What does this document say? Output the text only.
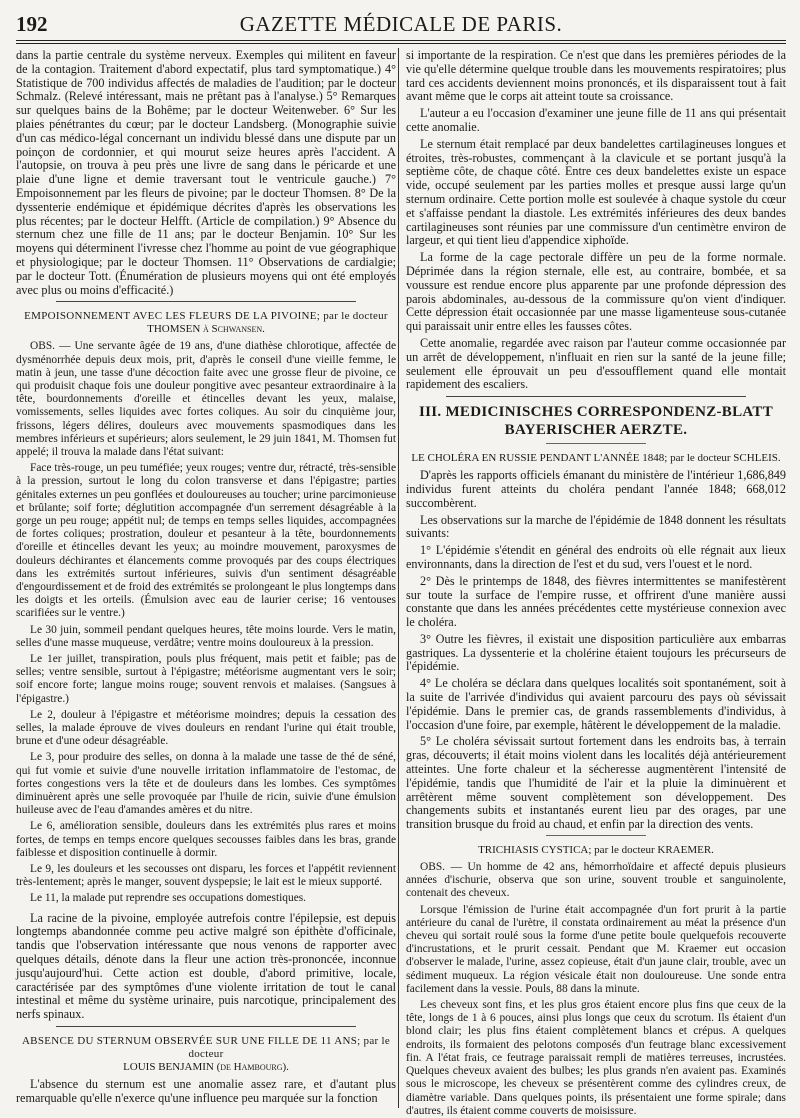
192	GAZETTE MÉDICALE DE PARIS.

dans la partie centrale du système nerveux. Exemples qui militent en faveur de la contagion. Traitement d'abord expectatif, plus tard symptomatique.) 4° Statistique de 700 individus affectés de maladies de l'audition; par le docteur Schmalz. (Relevé intéressant, mais ne prêtant pas à l'analyse.) 5° Remarques sur quelques bains de la Bohême; par le docteur Weitenweber. 6° Sur les plaies pénétrantes du cœur; par le docteur Landsberg. (Monographie suivie d'un cas médico-légal concernant un individu blessé dans une dispute par un poinçon de cordonnier, et qui mourut seize heures après l'accident. A l'autopsie, on trouva à peu près une livre de sang dans le péricarde et une plaie d'une ligne et demie traversant tout le ventricule gauche.) 7° Empoisonnement par les fleurs de pivoine; par le docteur Thomsen. 8° De la dyssenterie endémique et épidémique décrites d'après les observations les plus récentes; par le docteur Helfft. (Article de compilation.) 9° Absence du sternum chez une fille de 11 ans; par le docteur Benjamin. 10° Sur les moyens qui déterminent l'ivresse chez l'homme au point de vue géographique et physiologique; par le docteur Thomsen. 11° Observations de cardialgie; par le docteur Tott. (Énumération de plusieurs moyens qui ont été employés avec plus ou moins d'efficacité.)

EMPOISONNEMENT AVEC LES FLEURS DE LA PIVOINE; par le docteur
THOMSEN à Schwansen.

OBS. — Une servante âgée de 19 ans, d'une diathèse chlorotique, affectée de dysménorrhée depuis deux mois, prit, d'après le conseil d'une vieille femme, le matin à jeun, une tasse d'une décoction faite avec une grosse fleur de pivoine, ce qui produisit chaque fois une douleur pongitive avec pesanteur extraordinaire à la tête, bourdonnements d'oreille et étincelles devant les yeux, malaise, vomissements, selles liquides avec fortes coliques. Au soir du cinquième jour, frissons, légers délires, douleurs avec mouvements spasmodiques dans les membres inférieurs et supérieurs; alors seulement, le 29 juin 1841, M. Thomsen fut appelé; il trouva la malade dans l'état suivant:

Face très-rouge, un peu tuméfiée; yeux rouges; ventre dur, rétracté, très-sensible à la pression, surtout le long du colon transverse et dans l'épigastre; parties génitales externes un peu gonflées et douloureuses au toucher; urine parcimonieuse et brûlante; soif forte; déglutition accompagnée d'un serrement désagréable à la gorge un peu rouge; appétit nul; de temps en temps selles liquides, accompagnées de fortes coliques; prostration, douleur et pesanteur à la tête, bourdonnements d'oreille et étincelles devant les yeux; au moindre mouvement, paroxysmes de douleurs déchirantes et élancements comme provoqués par des coups électriques dans les extrémités surtout inférieures, suivis d'un sentiment désagréable d'engourdissement et de froid des extrémités se prolongeant le plus longtemps dans les doigts et les orteils. (Émulsion avec eau de laurier cerise; 16 ventouses scarifiées sur le ventre.)

Le 30 juin, sommeil pendant quelques heures, tête moins lourde. Vers le matin, selles d'une masse muqueuse, verdâtre; ventre moins douloureux à la pression.

Le 1er juillet, transpiration, pouls plus fréquent, mais petit et faible; pas de selles; ventre sensible, surtout à l'épigastre; météorisme augmentant vers le soir; soif encore forte; langue moins rouge; souvent renvois et malaises. (Sangsues à l'épigastre.)

Le 2, douleur à l'épigastre et météorisme moindres; depuis la cessation des selles, la malade éprouve de vives douleurs en rendant l'urine qui était trouble, brune et d'une odeur désagréable.

Le 3, pour produire des selles, on donna à la malade une tasse de thé de séné, qui fut vomie et suivie d'une nouvelle irritation inflammatoire de l'estomac, de fortes congestions vers la tête et de douleurs dans les lombes. Ces symptômes diminuèrent après une selle provoquée par l'huile de ricin, suivie d'une émulsion huileuse avec de l'eau d'amandes amères et du nitre.

Le 6, amélioration sensible, douleurs dans les extrémités plus rares et moins fortes, de temps en temps encore quelques secousses faibles dans les bras, grande faiblesse et disposition continuelle à dormir.

Le 9, les douleurs et les secousses ont disparu, les forces et l'appétit reviennent très-lentement; après le manger, souvent dyspepsie; le lait est le mieux supporté.

Le 11, la malade put reprendre ses occupations domestiques.

La racine de la pivoine, employée autrefois contre l'épilepsie, est depuis longtemps abandonnée comme peu active malgré son épithète d'officinale, tandis que l'observation intéressante que nous venons de rapporter avec quelques détails, dénote dans la fleur une action très-prononcée, inconnue jusqu'aujourd'hui. Cette action est double, d'abord primitive, locale, caractérisée par des symptômes d'une violente irritation de tout le canal intestinal et même du système urinaire, puis narcotique, principalement des nerfs spinaux.

ABSENCE DU STERNUM OBSERVÉE SUR UNE FILLE DE 11 ANS; par le docteur
LOUIS BENJAMIN (de Hambourg).

L'absence du sternum est une anomalie assez rare, et d'autant plus remarquable qu'elle n'exerce qu'une influence peu marquée sur la fonction

si importante de la respiration. Ce n'est que dans les premières périodes de la vie qu'elle détermine quelque trouble dans les mouvements respiratoires; plus tard ces accidents deviennent moins prononcés, et ils disparaissent tout à fait avant même que le corps ait atteint toute sa croissance.

L'auteur a eu l'occasion d'examiner une jeune fille de 11 ans qui présentait cette anomalie.

Le sternum était remplacé par deux bandelettes cartilagineuses longues et étroites, très-robustes, commençant à la clavicule et se portant jusqu'à la septième côte, de chaque côté. Entre ces deux bandelettes existe un espace vide, occupé seulement par les parties molles et presque aussi large qu'un sternum ordinaire. Cette portion molle est soulevée à chaque systole du cœur et s'affaisse pendant la diastole. Les extrémités inférieures des deux bandes cartilagineuses sont réunies par une commissure d'un centimètre environ de largeur, et qui tient lieu d'appendice xiphoïde.

La forme de la cage pectorale diffère un peu de la forme normale. Déprimée dans la région sternale, elle est, au contraire, bombée, et sa voussure est rendue encore plus apparente par une profonde dépression des parois abdominales, au-dessous de la commissure qu'on vient d'indiquer. Cette dépression était occasionnée par une masse ligamenteuse sous-cutanée qui paraissait unir entre elles les fausses côtes.

Cette anomalie, regardée avec raison par l'auteur comme occasionnée par un arrêt de développement, n'influait en rien sur la santé de la jeune fille; seulement elle éprouvait un peu d'essoufflement quand elle montait rapidement des escaliers.

III. MEDICINISCHES CORRESPONDENZ-BLATT BAYERISCHER AERZTE.

LE CHOLÉRA EN RUSSIE PENDANT L'ANNÉE 1848; par le docteur SCHLEIS.

D'après les rapports officiels émanant du ministère de l'intérieur 1,686,849 individus furent atteints du choléra pendant l'année 1848; 668,012 succombèrent.

Les observations sur la marche de l'épidémie de 1848 donnent les résultats suivants:

1° L'épidémie s'étendit en général des endroits où elle régnait aux lieux environnants, dans la direction de l'est et du sud, vers l'ouest et le nord.

2° Dès le printemps de 1848, des fièvres intermittentes se manifestèrent sur toute la surface de l'empire russe, et offrirent d'une manière aussi constante que dans les années précédentes cette mystérieuse connexion avec le choléra.

3° Outre les fièvres, il existait une disposition particulière aux embarras gastriques. La dyssenterie et la cholérine étaient toujours les précurseurs de l'épidémie.

4° Le choléra se déclara dans quelques localités soit spontanément, soit à la suite de l'arrivée d'individus qui avaient parcouru des pays où sévissait l'épidémie. Dans le premier cas, de grands rassemblements d'individus, à l'occasion d'une foire, par exemple, hâtèrent le développement de la maladie.

5° Le choléra sévissait surtout fortement dans les endroits bas, à terrain gras, découverts; il était moins violent dans les localités déjà antérieurement atteintes. Une forte chaleur et la sécheresse augmentèrent l'intensité de l'épidémie, tandis que l'humidité de l'air et la pluie la diminuèrent et arrêtèrent même souvent complètement son développement. Des changements subits et instantanés eurent lieu par des orages, par une transition brusque du froid au chaud, et enfin par la direction des vents.

TRICHIASIS CYSTICA; par le docteur KRAEMER.

OBS. — Un homme de 42 ans, hémorrhoïdaire et affecté depuis plusieurs années d'ischurie, observa que son urine, souvent trouble et sanguinolente, contenait des cheveux.

Lorsque l'émission de l'urine était accompagnée d'un fort prurit à la partie antérieure du canal de l'urètre, il constata ordinairement au méat la présence d'un cheveu qui sortait roulé sous la forme d'une petite boule quelquefois recouverte d'incrustations, et le prurit cessait. Pendant que M. Kraemer eut occasion d'observer le malade, l'urine, assez copieuse, était d'un jaune clair, trouble, avec un sédiment muqueux. La région vésicale était non douloureuse. Une sonde entra facilement dans la vessie. Pouls, 88 dans la minute.

Les cheveux sont fins, et les plus gros étaient encore plus fins que ceux de la tête, longs de 1 à 6 pouces, ainsi plus longs que ceux du scrotum. Ils étaient d'un blond clair; les plus fins étaient complètement blancs et crépus. A quelques endroits, ils formaient des pelotons composés d'un feutrage blanc excessivement fin. A l'état frais, ce feutrage paraissait rempli de matières terreuses, incrustées. Quelques cheveux avaient des bulbes; les plus grands n'en avaient pas. Examinés sous le microscope, les cheveux se présentèrent comme des cylindres creux, de diamètre variable. Dans quelques points, ils présentaient une forme spirale; dans d'autres, ils étaient comme couverts de moisissure.
